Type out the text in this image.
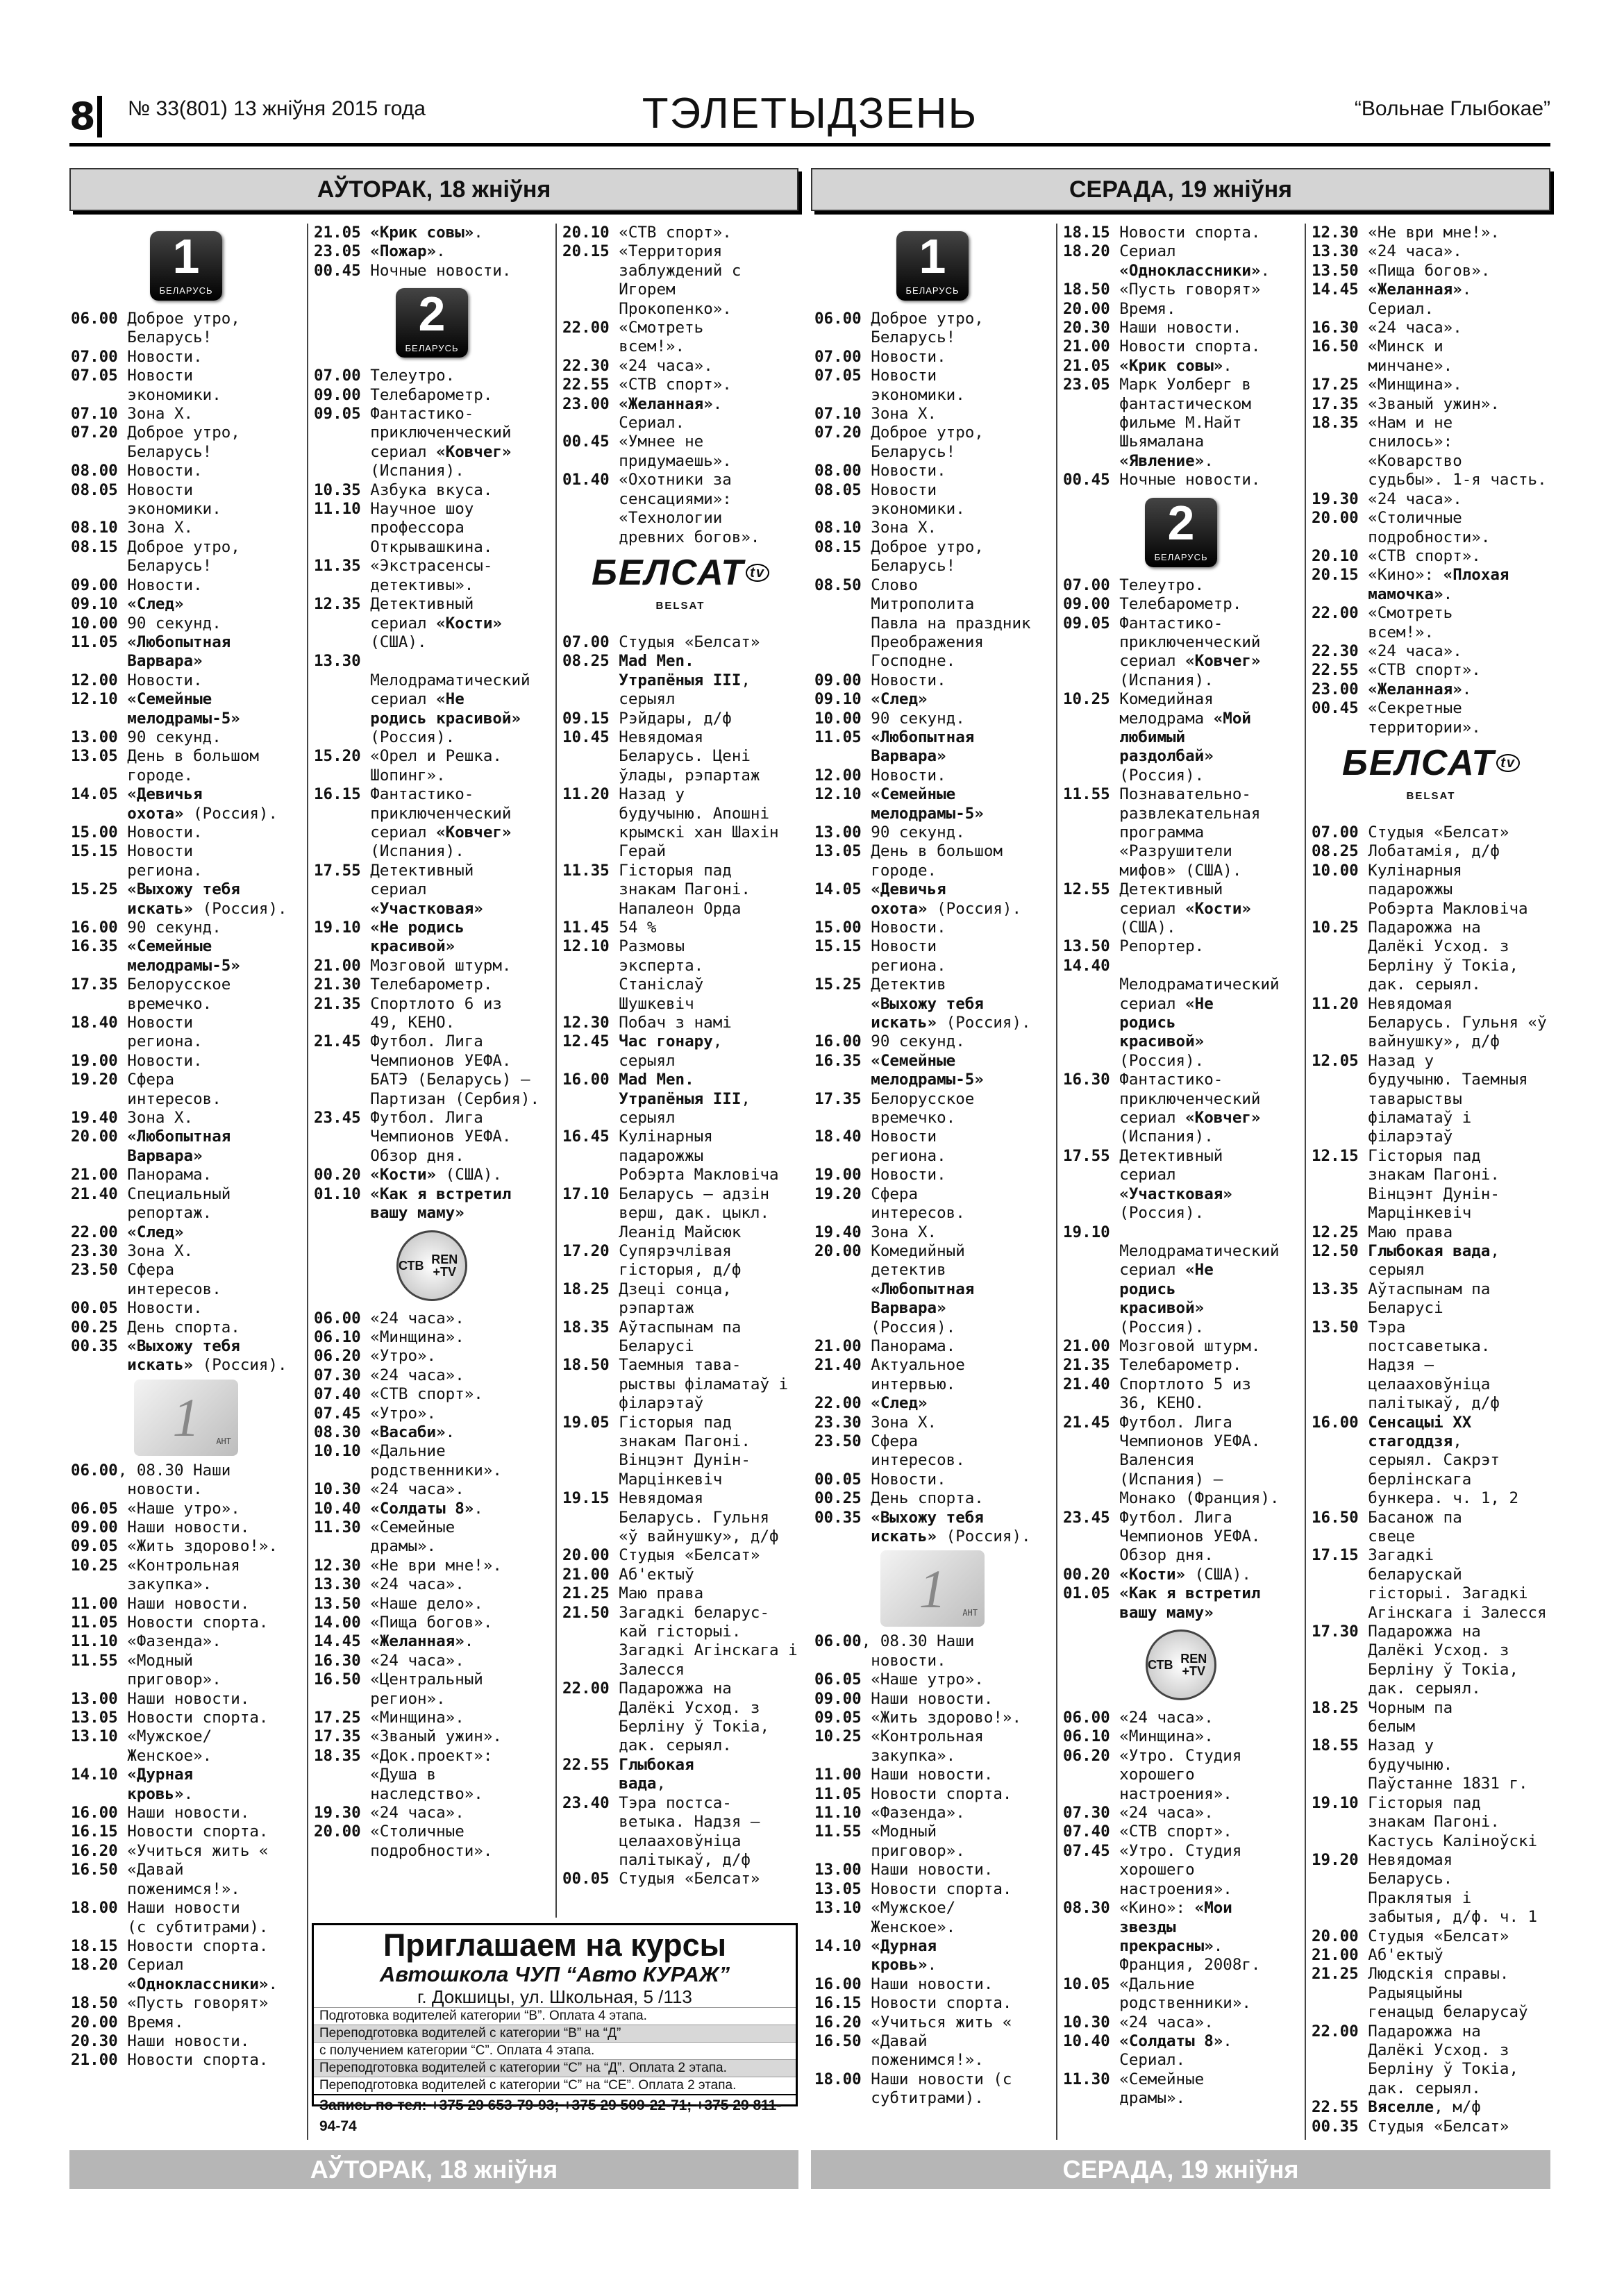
8	№ 33(801) 13 жніўня 2015 года	ТЭЛЕТЫДЗЕНЬ	“Вольнае Глыбокае”
АЎТОРАК, 18 жніўня
1
БЕЛАРУСЬ
06.00 Доброе утро,
Беларусь!
07.00 Новости.
07.05 Новости
экономики.
07.10 Зона Х.
07.20 Доброе утро,
Беларусь!
08.00 Новости.
08.05 Новости
экономики.
08.10 Зона Х.
08.15 Доброе утро,
Беларусь!
09.00 Новости.
09.10 «След»
10.00 90 секунд.
11.05 «Любопытная
Варвара»
12.00 Новости.
12.10 «Семейные
мелодрамы-5»
13.00 90 секунд.
13.05 День в большом
городе.
14.05 «Девичья
охота» (Россия).
15.00 Новости.
15.15 Новости
региона.
15.25 «Выхожу тебя
искать» (Россия).
16.00 90 секунд.
16.35 «Семейные
мелодрамы-5»
17.35 Белорусское
времечко.
18.40 Новости
региона.
19.00 Новости.
19.20 Сфера
интересов.
19.40 Зона Х.
20.00 «Любопытная
Варвара»
21.00 Панорама.
21.40 Специальный
репортаж.
22.00 «След»
23.30 Зона Х.
23.50 Сфера
интересов.
00.05 Новости.
00.25 День спорта.
00.35 «Выхожу тебя
искать» (Россия).
1 АНТ
06.00, 08.30 Наши
новости.
06.05 «Наше утро».
09.00 Наши новости.
09.05 «Жить здорово!».
10.25 «Контрольная
закупка».
11.00 Наши новости.
11.05 Новости спорта.
11.10 «Фазенда».
11.55 «Модный
приговор».
13.00 Наши новости.
13.05 Новости спорта.
13.10 «Мужское/
Женское».
14.10 «Дурная
кровь».
16.00 Наши новости.
16.15 Новости спорта.
16.20 «Учиться жить «
16.50 «Давай
поженимся!».
18.00 Наши новости
(с субтитрами).
18.15 Новости спорта.
18.20 Сериал
«Одноклассники».
18.50 «Пусть говорят»
20.00 Время.
20.30 Наши новости.
21.00 Новости спорта.
21.05 «Крик совы».
23.05 «Пожар».
00.45 Ночные новости.
2
БЕЛАРУСЬ
07.00 Телеутро.
09.00 Телебарометр.
09.05 Фантастико-
приключенческий
сериал «Ковчег»
(Испания).
10.35 Азбука вкуса.
11.10 Научное шоу
профессора
Открывашкина.
11.35 «Экстрасенсы-
детективы».
12.35 Детективный
сериал «Кости»
(США).
13.30
Мелодраматический
сериал «Не
родись красивой»
(Россия).
15.20 «Орел и Решка.
Шопинг».
16.15 Фантастико-
приключенческий
сериал «Ковчег»
(Испания).
17.55 Детективный
сериал
«Участковая»
19.10 «Не родись
красивой»
21.00 Мозговой штурм.
21.30 Телебарометр.
21.35 Спортлото 6 из
49, КЕНО.
21.45 Футбол. Лига
Чемпионов УЕФА.
БАТЭ (Беларусь) –
Партизан (Сербия).
23.45 Футбол. Лига
Чемпионов УЕФА.
Обзор дня.
00.20 «Кости» (США).
01.10 «Как я встретил
вашу маму»
СТВ REN +TV
06.00 «24 часа».
06.10 «Минщина».
06.20 «Утро».
07.30 «24 часа».
07.40 «СТВ спорт».
07.45 «Утро».
08.30 «Васаби».
10.10 «Дальние
родственники».
10.30 «24 часа».
10.40 «Солдаты 8».
11.30 «Семейные
драмы».
12.30 «Не ври мне!».
13.30 «24 часа».
13.50 «Наше дело».
14.00 «Пища богов».
14.45 «Желанная».
16.30 «24 часа».
16.50 «Центральный
регион».
17.25 «Минщина».
17.35 «Званый ужин».
18.35 «Док.проект»:
«Душа в
наследство».
19.30 «24 часа».
20.00 «Столичные
подробности».
20.10 «СТВ спорт».
20.15 «Территория
заблуждений с
Игорем
Прокопенко».
22.00 «Смотреть
всем!».
22.30 «24 часа».
22.55 «СТВ спорт».
23.00 «Желанная».
Сериал.
00.45 «Умнее не
придумаешь».
01.40 «Охотники за
сенсациями»:
«Технологии
древних богов».
БЕЛСАТ $^{tv}$
BELSAT
07.00 Студыя «Белсат»
08.25 Mad Men.
Утрапёныя III,
серыял
09.15 Рэйдары, д/ф
10.45 Невядомая
Беларусь. Цені
ўлады, рэпартаж
11.20 Назад у
будучыню. Апошні
крымскі хан Шахін
Герай
11.35 Гісторыя пад
знакам Пагоні.
Напалеон Орда
11.45 54 %
12.10 Размовы
эксперта.
Станіслаў
Шушкевіч
12.30 Побач з намі
12.45 Час гонару,
серыял
16.00 Mad Men.
Утрапёныя III,
серыял
16.45 Кулінарныя
падарожжы
Робэрта Макловіча
17.10 Беларусь – адзін
верш, дак. цыкл.
Леанід Майсюк
17.20 Супярэчлівая
гісторыя, д/ф
18.25 Дзеці сонца,
рэпартаж
18.35 Аўтаспынам па
Беларусі
18.50 Таемныя тава-
рыствы філаматаў і
філарэтаў
19.05 Гісторыя пад
знакам Пагоні.
Вінцэнт Дунін-
Марцінкевіч
19.15 Невядомая
Беларусь. Гульня
«ў вайнушку», д/ф
20.00 Студыя «Белсат»
21.00 Аб'ектыў
21.25 Маю права
21.50 Загадкі беларус-
кай гісторыі.
Загадкі Агінскага і
Залесся
22.00 Падарожжа на
Далёкі Усход. з
Берліну ў Токіа,
дак. серыял.
22.55 Глыбокая
вада,
23.40 Тэра постса-
ветыка. Надзя –
целааховўніца
палітыкаў, д/ф
00.05 Студыя «Белсат»
СЕРАДА, 19 жніўня
1
БЕЛАРУСЬ
06.00 Доброе утро,
Беларусь!
07.00 Новости.
07.05 Новости
экономики.
07.10 Зона Х.
07.20 Доброе утро,
Беларусь!
08.00 Новости.
08.05 Новости
экономики.
08.10 Зона Х.
08.15 Доброе утро,
Беларусь!
08.50 Слово
Митрополита
Павла на праздник
Преображения
Господне.
09.00 Новости.
09.10 «След»
10.00 90 секунд.
11.05 «Любопытная
Варвара»
12.00 Новости.
12.10 «Семейные
мелодрамы-5»
13.00 90 секунд.
13.05 День в большом
городе.
14.05 «Девичья
охота» (Россия).
15.00 Новости.
15.15 Новости
региона.
15.25 Детектив
«Выхожу тебя
искать» (Россия).
16.00 90 секунд.
16.35 «Семейные
мелодрамы-5»
17.35 Белорусское
времечко.
18.40 Новости
региона.
19.00 Новости.
19.20 Сфера
интересов.
19.40 Зона Х.
20.00 Комедийный
детектив
«Любопытная
Варвара»
(Россия).
21.00 Панорама.
21.40 Актуальное
интервью.
22.00 «След»
23.30 Зона Х.
23.50 Сфера
интересов.
00.05 Новости.
00.25 День спорта.
00.35 «Выхожу тебя
искать» (Россия).
1 АНТ
06.00, 08.30 Наши
новости.
06.05 «Наше утро».
09.00 Наши новости.
09.05 «Жить здорово!».
10.25 «Контрольная
закупка».
11.00 Наши новости.
11.05 Новости спорта.
11.10 «Фазенда».
11.55 «Модный
приговор».
13.00 Наши новости.
13.05 Новости спорта.
13.10 «Мужское/
Женское».
14.10 «Дурная
кровь».
16.00 Наши новости.
16.15 Новости спорта.
16.20 «Учиться жить «
16.50 «Давай
поженимся!».
18.00 Наши новости (с
субтитрами).
18.15 Новости спорта.
18.20 Сериал
«Одноклассники».
18.50 «Пусть говорят»
20.00 Время.
20.30 Наши новости.
21.00 Новости спорта.
21.05 «Крик совы».
23.05 Марк Уолберг в
фантастическом
фильме М.Найт
Шьямалана
«Явление».
00.45 Ночные новости.
2
БЕЛАРУСЬ
07.00 Телеутро.
09.00 Телебарометр.
09.05 Фантастико-
приключенческий
сериал «Ковчег»
(Испания).
10.25 Комедийная
мелодрама «Мой
любимый
раздолбай»
(Россия).
11.55 Познавательно-
развлекательная
программа
«Разрушители
мифов» (США).
12.55 Детективный
сериал «Кости»
(США).
13.50 Репортер.
14.40
Мелодраматический
сериал «Не
родись
красивой»
(Россия).
16.30 Фантастико-
приключенческий
сериал «Ковчег»
(Испания).
17.55 Детективный
сериал
«Участковая»
(Россия).
19.10
Мелодраматический
сериал «Не
родись
красивой»
(Россия).
21.00 Мозговой штурм.
21.35 Телебарометр.
21.40 Спортлото 5 из
36, КЕНО.
21.45 Футбол. Лига
Чемпионов УЕФА.
Валенсия
(Испания) –
Монако (Франция).
23.45 Футбол. Лига
Чемпионов УЕФА.
Обзор дня.
00.20 «Кости» (США).
01.05 «Как я встретил
вашу маму»
СТВ REN +TV
06.00 «24 часа».
06.10 «Минщина».
06.20 «Утро. Студия
хорошего
настроения».
07.30 «24 часа».
07.40 «СТВ спорт».
07.45 «Утро. Студия
хорошего
настроения».
08.30 «Кино»: «Мои
звезды
прекрасны».
Франция, 2008г.
10.05 «Дальние
родственники».
10.30 «24 часа».
10.40 «Солдаты 8».
Сериал.
11.30 «Семейные
драмы».
12.30 «Не ври мне!».
13.30 «24 часа».
13.50 «Пища богов».
14.45 «Желанная».
Сериал.
16.30 «24 часа».
16.50 «Минск и
минчане».
17.25 «Минщина».
17.35 «Званый ужин».
18.35 «Нам и не
снилось»:
«Коварство
судьбы». 1-я часть.
19.30 «24 часа».
20.00 «Столичные
подробности».
20.10 «СТВ спорт».
20.15 «Кино»: «Плохая
мамочка».
22.00 «Смотреть
всем!».
22.30 «24 часа».
22.55 «СТВ спорт».
23.00 «Желанная».
00.45 «Секретные
территории».
БЕЛСАТ $^{tv}$
BELSAT
07.00 Студыя «Белсат»
08.25 Лобатамія, д/ф
10.00 Кулінарныя
падарожжы
Робэрта Макловіча
10.25 Падарожжа на
Далёкі Усход. з
Берліну ў Токіа,
дак. серыял.
11.20 Невядомая
Беларусь. Гульня «ў
вайнушку», д/ф
12.05 Назад у
будучыню. Таемныя
таварыствы
філаматаў і
філарэтаў
12.15 Гісторыя пад
знакам Пагоні.
Вінцэнт Дунін-
Марцінкевіч
12.25 Маю права
12.50 Глыбокая вада,
серыял
13.35 Аўтаспынам па
Беларусі
13.50 Тэра
постсаветыка.
Надзя –
целааховўніца
палітыкаў, д/ф
16.00 Сенсацыі XX
стагоддзя,
серыял. Сакрэт
берлінскага
бункера. ч. 1, 2
16.50 Басанож па
свеце
17.15 Загадкі
беларускай
гісторыі. Загадкі
Агінскага і Залесся
17.30 Падарожжа на
Далёкі Усход. з
Берліну ў Токіа,
дак. серыял.
18.25 Чорным па
белым
18.55 Назад у
будучыню.
Паўстанне 1831 г.
19.10 Гісторыя пад
знакам Пагоні.
Кастусь Каліноўскі
19.20 Невядомая
Беларусь.
Праклятыя і
забытыя, д/ф. ч. 1
20.00 Студыя «Белсат»
21.00 Аб'ектыў
21.25 Людскія справы.
Радыяцыйны
генацыд беларусаў
22.00 Падарожжа на
Далёкі Усход. з
Берліну ў Токіа,
дак. серыял.
22.55 Вяселле, м/ф
00.35 Студыя «Белсат»
Приглашаем на курсы
Автошкола ЧУП “Авто КУРАЖ”
г. Докшицы, ул. Школьная, 5 /113
Подготовка водителей категории “В”. Оплата 4 этапа.
Переподготовка водителей с категории “В” на “Д”
с получением категории “С”. Оплата 4 этапа.
Переподготовка водителей с категории “С” на “Д”. Оплата 2 этапа.
Переподготовка водителей с категории “С” на “СЕ”. Оплата 2 этапа.
Запись по тел: +375 29 653-79-93; +375 29 509-22-71; +375 29 811-94-74
АЎТОРАК, 18 жніўня	СЕРАДА, 19 жніўня
